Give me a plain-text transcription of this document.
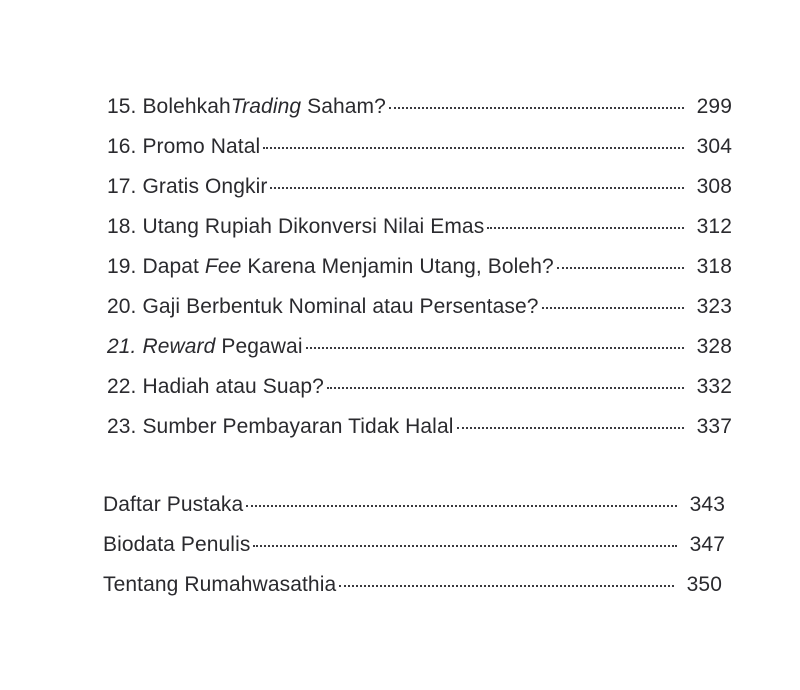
15. BolehkahTrading Saham?	299
16. Promo Natal	304
17. Gratis Ongkir	308
18. Utang Rupiah Dikonversi Nilai Emas	312
19. Dapat Fee Karena Menjamin Utang, Boleh?	318
20. Gaji Berbentuk Nominal atau Persentase?	323
21. Reward Pegawai	328
22. Hadiah atau Suap?	332
23. Sumber Pembayaran Tidak Halal	337
Daftar Pustaka	343
Biodata Penulis	347
Tentang Rumahwasathia	350
